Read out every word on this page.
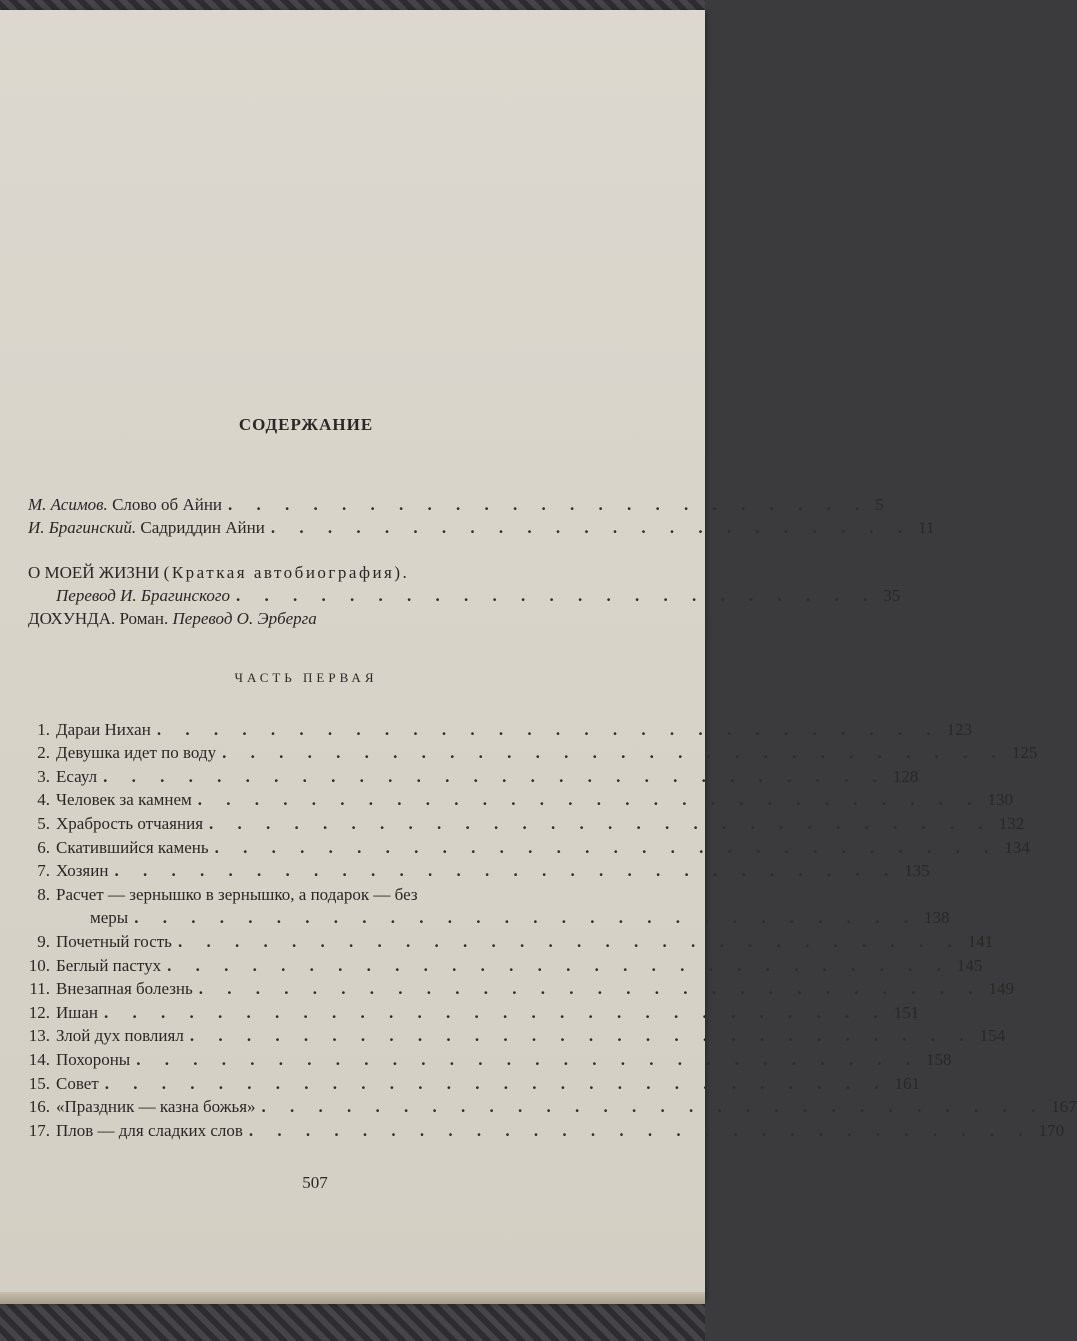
СОДЕРЖАНИЕ
М. Асимов. Слово об Айни . . . . . . . . . . . . . . . . . . . . . . . 5
И. Брагинский. Садриддин Айни . . . . . . . . . . . . . . . . . . . . . . . 11
О МОЕЙ ЖИЗНИ (Краткая автобиография).
Перевод И. Брагинского . . . . . . . . . . . . . . . . . . . . . . . 35
ДОХУНДА. Роман. Перевод О. Эрберга
ЧАСТЬ ПЕРВАЯ
1. Дарaи Нихан . . . . . . . . . . . . . . . . . . . . . . . . . . . . 123
2. Девушка идет по воду . . . . . . . . . . . . . . . . . . . . . . . . . . . . 125
3. Есаул . . . . . . . . . . . . . . . . . . . . . . . . . . . . 128
4. Человек за камнем . . . . . . . . . . . . . . . . . . . . . . . . . . . . 130
5. Храбрость отчаяния . . . . . . . . . . . . . . . . . . . . . . . . . . . . 132
6. Скатившийся камень . . . . . . . . . . . . . . . . . . . . . . . . . . . . 134
7. Хозяин . . . . . . . . . . . . . . . . . . . . . . . . . . . . 135
8. Расчет — зернышко в зернышко, а подарок — без
меры . . . . . . . . . . . . . . . . . . . . . . . . . . . . 138
9. Почетный гость . . . . . . . . . . . . . . . . . . . . . . . . . . . . 141
10. Беглый пастух . . . . . . . . . . . . . . . . . . . . . . . . . . . . 145
11. Внезапная болезнь . . . . . . . . . . . . . . . . . . . . . . . . . . . . 149
12. Ишан . . . . . . . . . . . . . . . . . . . . . . . . . . . . 151
13. Злой дух повлиял . . . . . . . . . . . . . . . . . . . . . . . . . . . . 154
14. Похороны . . . . . . . . . . . . . . . . . . . . . . . . . . . . 158
15. Совет . . . . . . . . . . . . . . . . . . . . . . . . . . . . 161
16. «Праздник — казна божья» . . . . . . . . . . . . . . . . . . . . . . . . . . . . 167
17. Плов — для сладких слов . . . . . . . . . . . . . . . . . . . . . . . . . . . . 170
507
